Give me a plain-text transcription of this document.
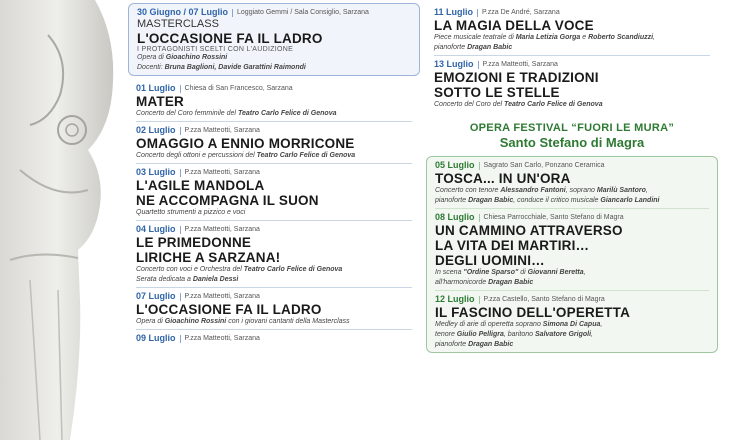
30 Giugno / 07 Luglio Loggiato Gemmi / Sala Consiglio, Sarzana
MASTERCLASS
L'OCCASIONE FA IL LADRO
I PROTAGONISTI SCELTI CON L'AUDIZIONE
Opera di Gioachino Rossini
Docenti: Bruna Baglioni, Davide Garattini Raimondi
01 Luglio Chiesa di San Francesco, Sarzana
MATER
Concerto del Coro femminile del Teatro Carlo Felice di Genova
02 Luglio P.zza Matteotti, Sarzana
OMAGGIO A ENNIO MORRICONE
Concerto degli ottoni e percussioni del Teatro Carlo Felice di Genova
03 Luglio P.zza Matteotti, Sarzana
L'AGILE MANDOLA
NE ACCOMPAGNA IL SUON
Quartetto strumenti a pizzico e voci
04 Luglio P.zza Matteotti, Sarzana
LE PRIMEDONNE
LIRICHE A SARZANA!
Concerto con voci e Orchestra del Teatro Carlo Felice di Genova
Serata dedicata a Daniela Dessì
07 Luglio P.zza Matteotti, Sarzana
L'OCCASIONE FA IL LADRO
Opera di Gioachino Rossini con i giovani cantanti della Masterclass
09 Luglio P.zza Matteotti, Sarzana
11 Luglio P.zza De André, Sarzana
LA MAGIA DELLA VOCE
Piece musicale teatrale di Maria Letizia Gorga e Roberto Scandiuzzi,
pianoforte Dragan Babic
13 Luglio P.zza Matteotti, Sarzana
EMOZIONI E TRADIZIONI
SOTTO LE STELLE
Concerto del Coro del Teatro Carlo Felice di Genova
OPERA FESTIVAL “FUORI LE MURA”
Santo Stefano di Magra
05 Luglio Sagrato San Carlo, Ponzano Ceramica
TOSCA... IN UN'ORA
Concerto con tenore Alessandro Fantoni, soprano Marilù Santoro,
pianoforte Dragan Babic, conduce il critico musicale Giancarlo Landini
08 Luglio Chiesa Parrocchiale, Santo Stefano di Magra
UN CAMMINO ATTRAVERSO
LA VITA DEI MARTIRI…
DEGLI UOMINI…
In scena "Ordine Sparso" di Giovanni Beretta,
all'harmonicorde Dragan Babic
12 Luglio P.zza Castello, Santo Stefano di Magra
IL FASCINO DELL'OPERETTA
Medley di arie di operetta soprano Simona Di Capua,
tenore Giulio Pelligra, baritono Salvatore Grigoli,
pianoforte Dragan Babic
